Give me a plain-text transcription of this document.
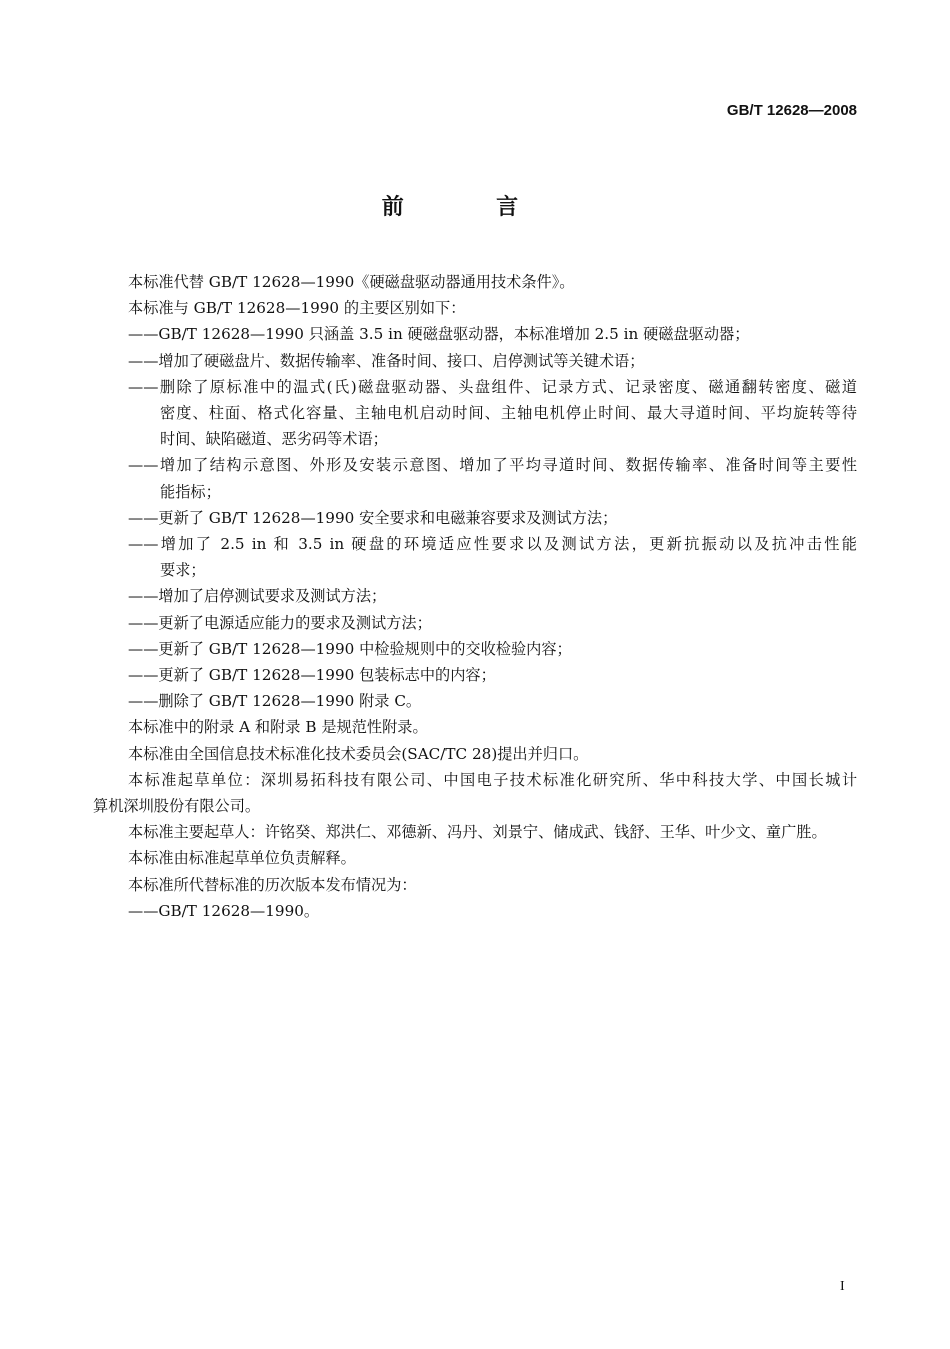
GB/T 12628—2008
前　言
本标准代替 GB/T 12628—1990《硬磁盘驱动器通用技术条件》。
本标准与 GB/T 12628—1990 的主要区别如下：
——GB/T 12628—1990 只涵盖 3.5 in 硬磁盘驱动器，本标准增加 2.5 in 硬磁盘驱动器；
——增加了硬磁盘片、数据传输率、准备时间、接口、启停测试等关键术语；
——删除了原标准中的温式(氏)磁盘驱动器、头盘组件、记录方式、记录密度、磁通翻转密度、磁道
密度、柱面、格式化容量、主轴电机启动时间、主轴电机停止时间、最大寻道时间、平均旋转等待
时间、缺陷磁道、恶劣码等术语；
——增加了结构示意图、外形及安装示意图、增加了平均寻道时间、数据传输率、准备时间等主要性
能指标；
——更新了 GB/T 12628—1990 安全要求和电磁兼容要求及测试方法；
——增加了 2.5 in 和 3.5 in 硬盘的环境适应性要求以及测试方法，更新抗振动以及抗冲击性能
要求；
——增加了启停测试要求及测试方法；
——更新了电源适应能力的要求及测试方法；
——更新了 GB/T 12628—1990 中检验规则中的交收检验内容；
——更新了 GB/T 12628—1990 包装标志中的内容；
——删除了 GB/T 12628—1990 附录 C。
本标准中的附录 A 和附录 B 是规范性附录。
本标准由全国信息技术标准化技术委员会(SAC/TC 28)提出并归口。
本标准起草单位：深圳易拓科技有限公司、中国电子技术标准化研究所、华中科技大学、中国长城计
算机深圳股份有限公司。
本标准主要起草人：许铭癸、郑洪仁、邓德新、冯丹、刘景宁、储成武、钱舒、王华、叶少文、童广胜。
本标准由标准起草单位负责解释。
本标准所代替标准的历次版本发布情况为：
——GB/T 12628—1990。
I
